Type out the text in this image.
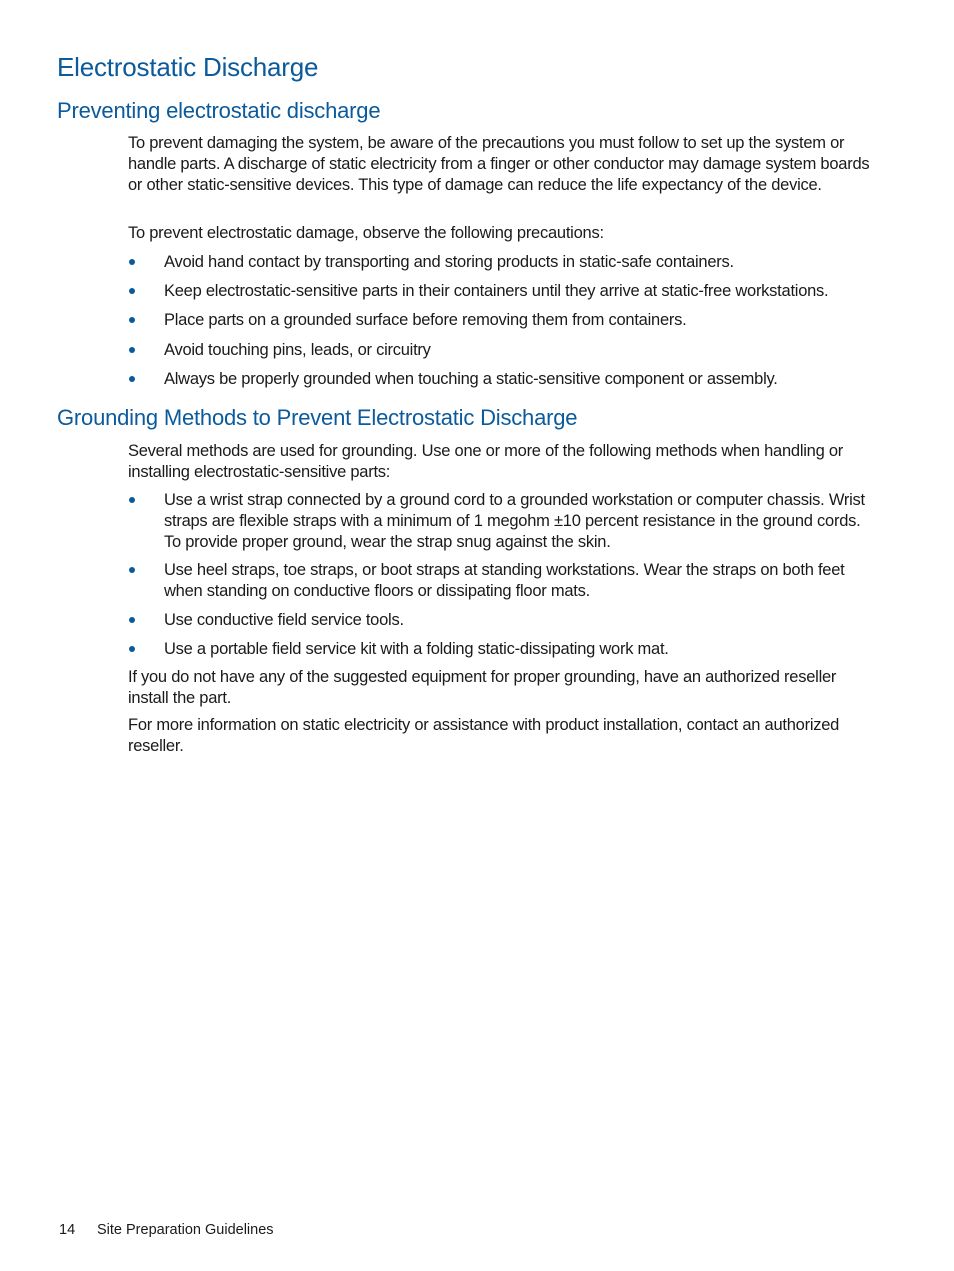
Electrostatic Discharge
Preventing electrostatic discharge

To prevent damaging the system, be aware of the precautions you must follow to set up the system or handle parts. A discharge of static electricity from a finger or other conductor may damage system boards or other static-sensitive devices. This type of damage can reduce the life expectancy of the device.

To prevent electrostatic damage, observe the following precautions:

Avoid hand contact by transporting and storing products in static-safe containers.
Keep electrostatic-sensitive parts in their containers until they arrive at static-free workstations.
Place parts on a grounded surface before removing them from containers.
Avoid touching pins, leads, or circuitry
Always be properly grounded when touching a static-sensitive component or assembly.
Grounding Methods to Prevent Electrostatic Discharge

Several methods are used for grounding. Use one or more of the following methods when handling or installing electrostatic-sensitive parts:

Use a wrist strap connected by a ground cord to a grounded workstation or computer chassis. Wrist straps are flexible straps with a minimum of 1 megohm ±10 percent resistance in the ground cords. To provide proper ground, wear the strap snug against the skin.
Use heel straps, toe straps, or boot straps at standing workstations. Wear the straps on both feet when standing on conductive floors or dissipating floor mats.
Use conductive field service tools.
Use a portable field service kit with a folding static-dissipating work mat.

If you do not have any of the suggested equipment for proper grounding, have an authorized reseller install the part.

For more information on static electricity or assistance with product installation, contact an authorized reseller.

14 Site Preparation Guidelines
